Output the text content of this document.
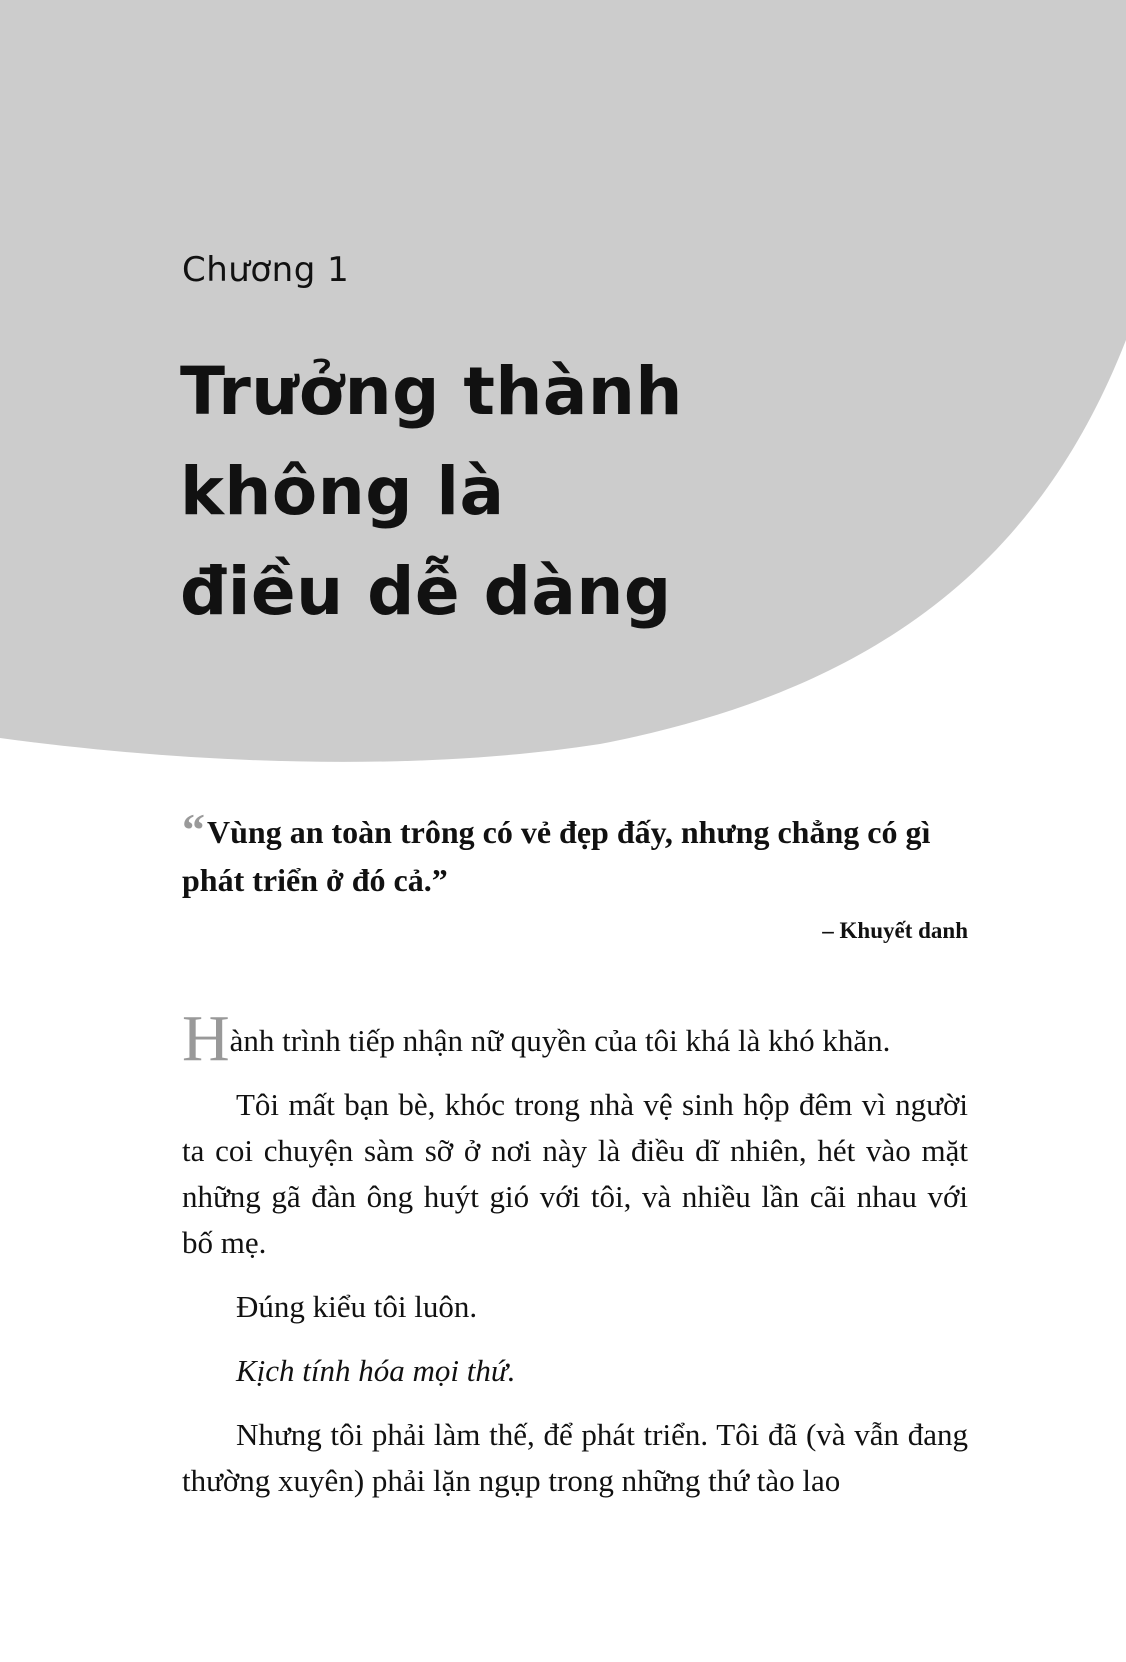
Chương 1
Trưởng thành
không là
điều dễ dàng
“Vùng an toàn trông có vẻ đẹp đấy, nhưng chẳng có gì phát triển ở đó cả.”
– Khuyết danh

Hành trình tiếp nhận nữ quyền của tôi khá là khó khăn.

Tôi mất bạn bè, khóc trong nhà vệ sinh hộp đêm vì người ta coi chuyện sàm sỡ ở nơi này là điều dĩ nhiên, hét vào mặt những gã đàn ông huýt gió với tôi, và nhiều lần cãi nhau với bố mẹ.

Đúng kiểu tôi luôn.

Kịch tính hóa mọi thứ.

Nhưng tôi phải làm thế, để phát triển. Tôi đã (và vẫn đang thường xuyên) phải lặn ngụp trong những thứ tào lao
